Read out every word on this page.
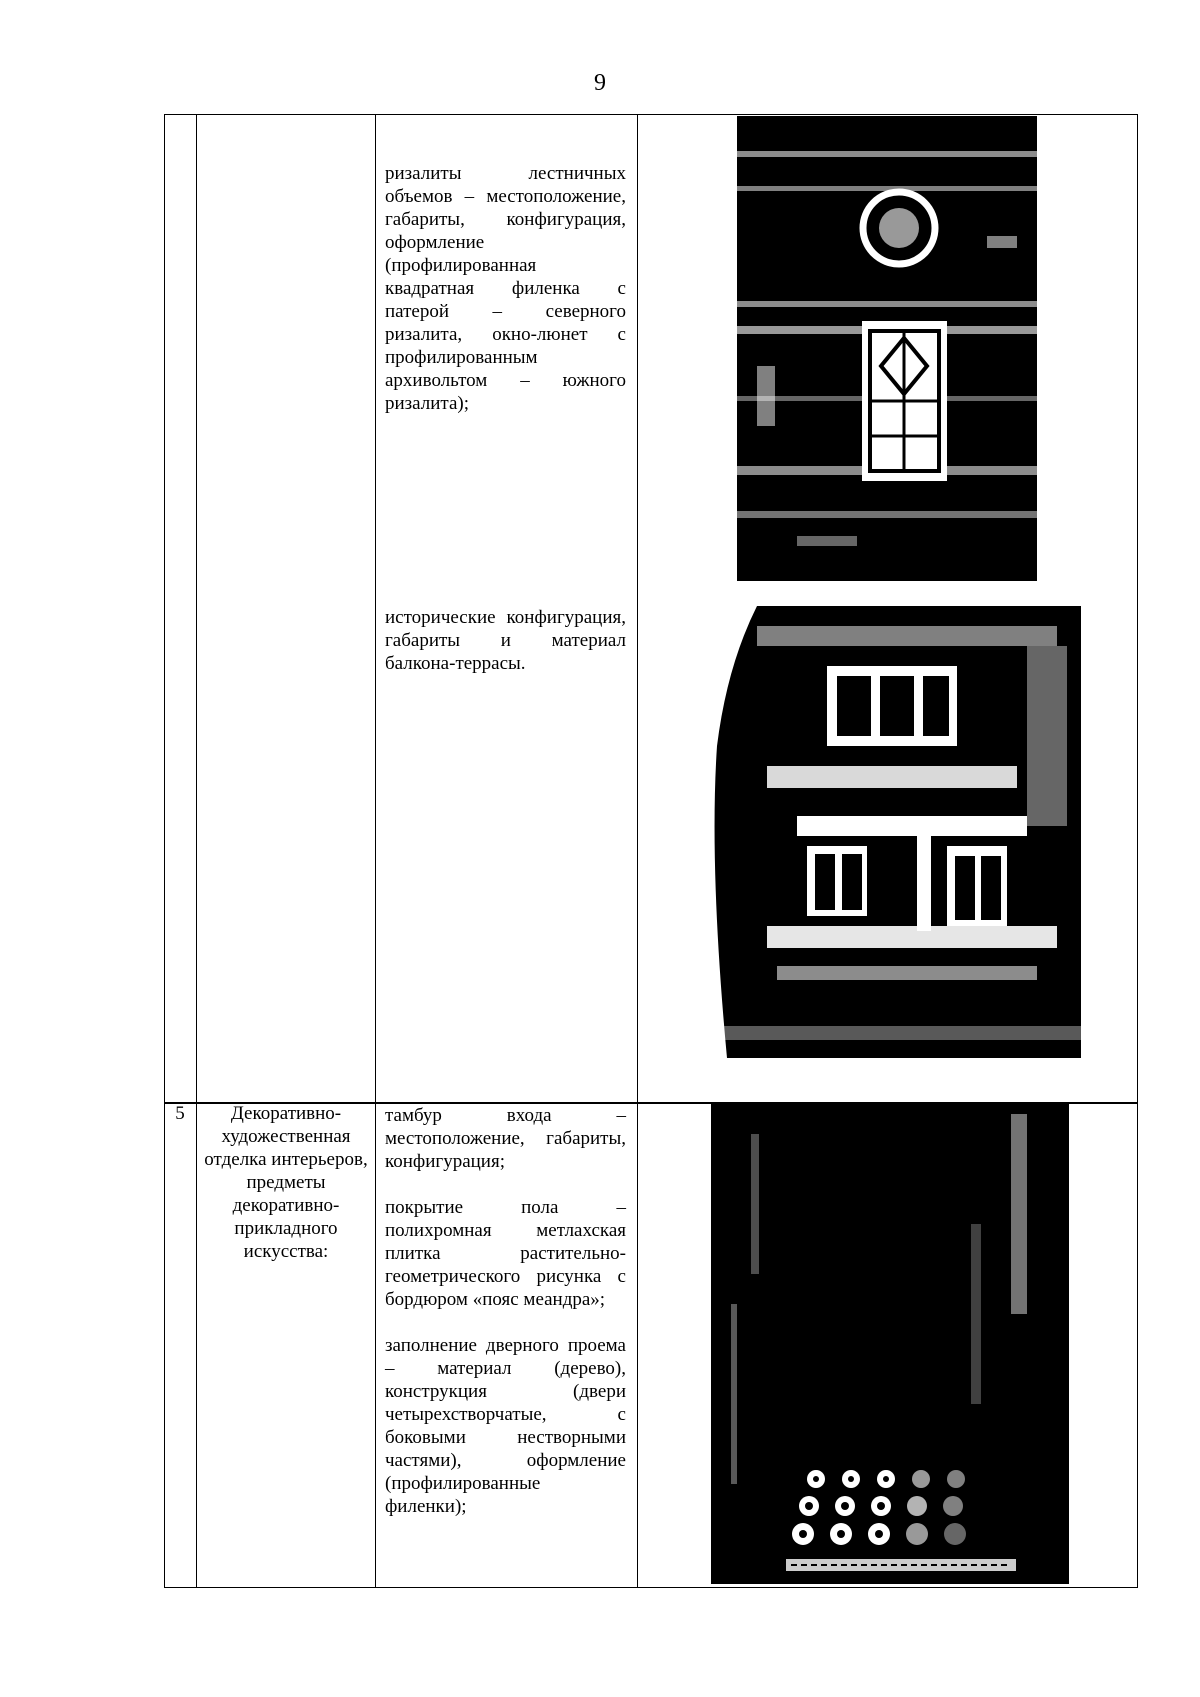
9

ризалиты лестничных объемов – местоположение, габариты, конфигурация, оформление (профилированная квадратная филенка с патерой – северного ризалита, окно-люнет с профилированным архивольтом – южного ризалита);

исторические конфигурация, габариты и материал балкона-террасы.

5	Декоративно-художественная отделка интерьеров, предметы декоративно-прикладного искусства:

тамбур входа – местоположение, габариты, конфигурация;

покрытие пола – полихромная метлахская плитка растительно-геометрического рисунка с бордюром «пояс меандра»;

заполнение дверного проема – материал (дерево), конструкция (двери четырехстворчатые, с боковыми нестворными частями), оформление (профилированные филенки);
